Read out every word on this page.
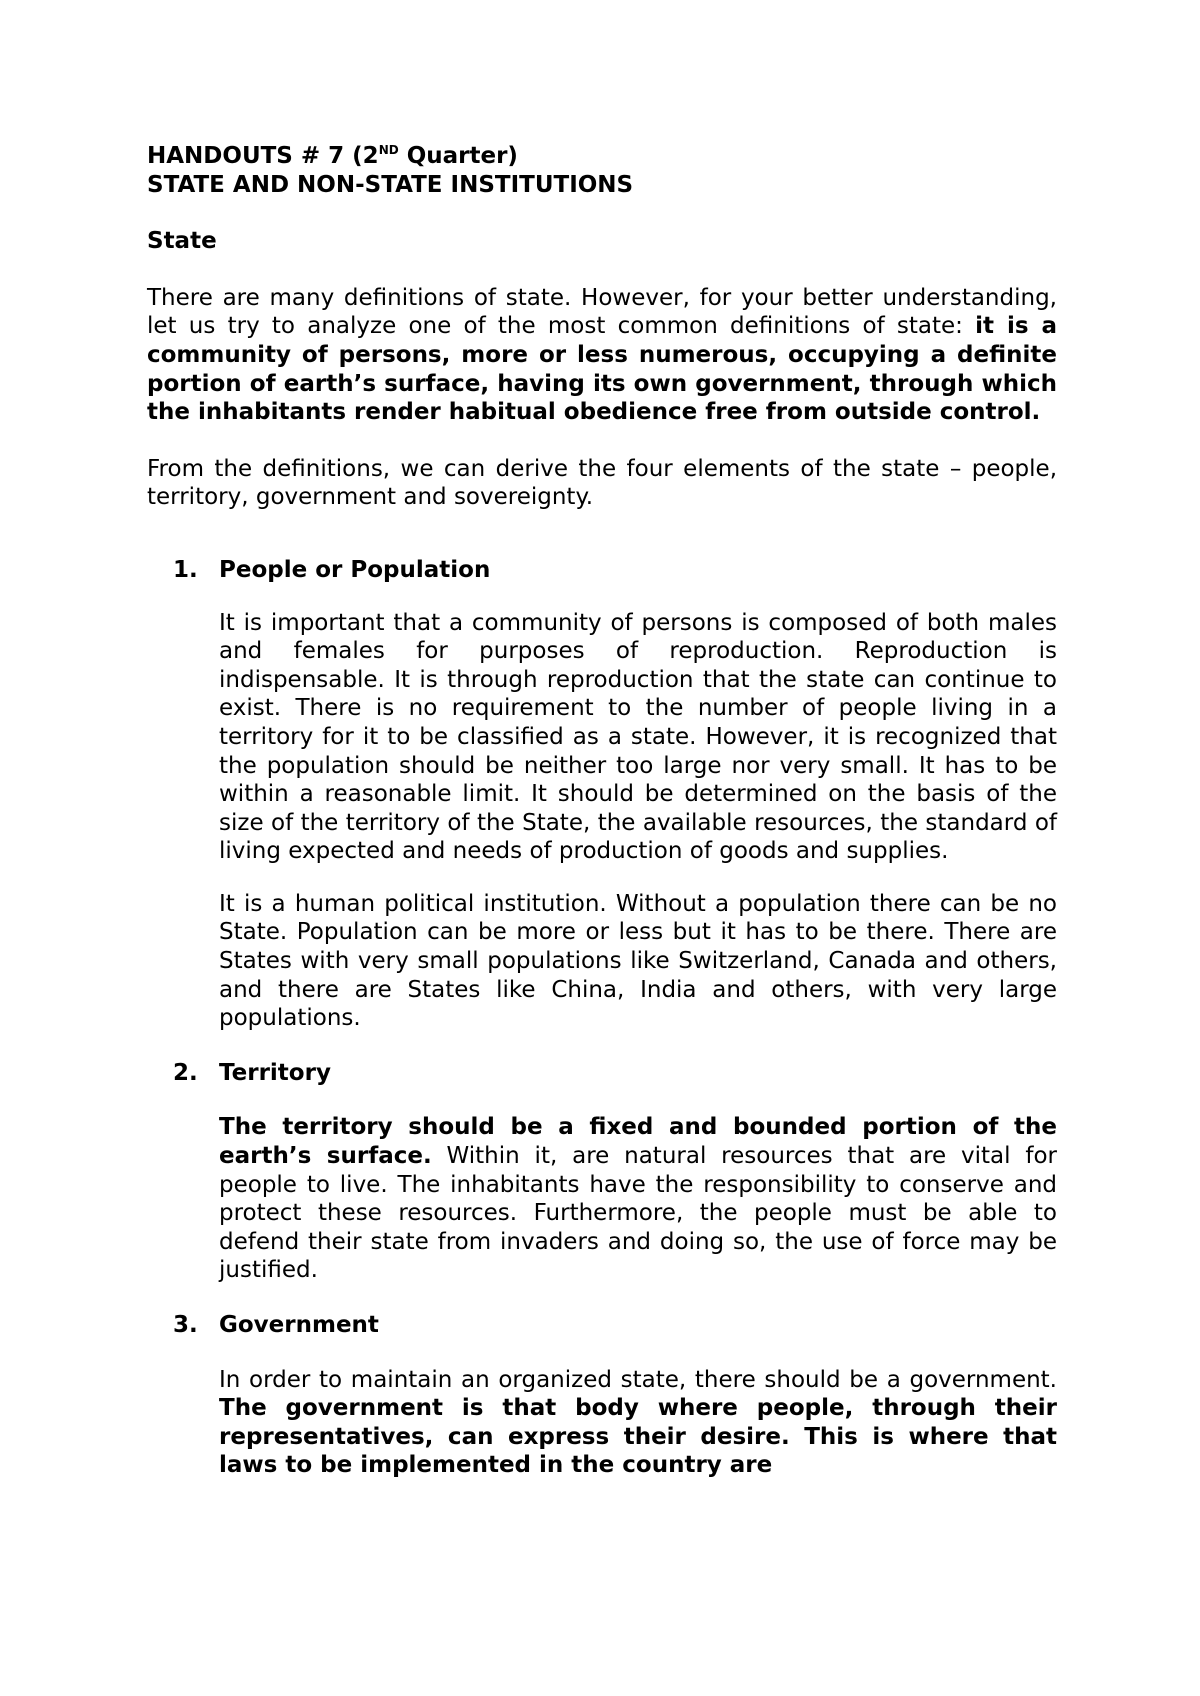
HANDOUTS # 7 (2ND Quarter)

STATE AND NON-STATE INSTITUTIONS

State

There are many definitions of state. However, for your better understanding, let us try to analyze one of the most common definitions of state: it is a community of persons, more or less numerous, occupying a definite portion of earth’s surface, having its own government, through which the inhabitants render habitual obedience free from outside control.

From the definitions, we can derive the four elements of the state – people, territory, government and sovereignty.

1. People or Population

It is important that a community of persons is composed of both males and females for purposes of reproduction. Reproduction is indispensable. It is through reproduction that the state can continue to exist. There is no requirement to the number of people living in a territory for it to be classified as a state. However, it is recognized that the population should be neither too large nor very small. It has to be within a reasonable limit. It should be determined on the basis of the size of the territory of the State, the available resources, the standard of living expected and needs of production of goods and supplies.

It is a human political institution. Without a population there can be no State. Population can be more or less but it has to be there. There are States with very small populations like Switzerland, Canada and others, and there are States like China, India and others, with very large populations.

2. Territory

The territory should be a fixed and bounded portion of the earth’s surface. Within it, are natural resources that are vital for people to live. The inhabitants have the responsibility to conserve and protect these resources. Furthermore, the people must be able to defend their state from invaders and doing so, the use of force may be justified.

3. Government

In order to maintain an organized state, there should be a government. The government is that body where people, through their representatives, can express their desire. This is where that laws to be implemented in the country are
